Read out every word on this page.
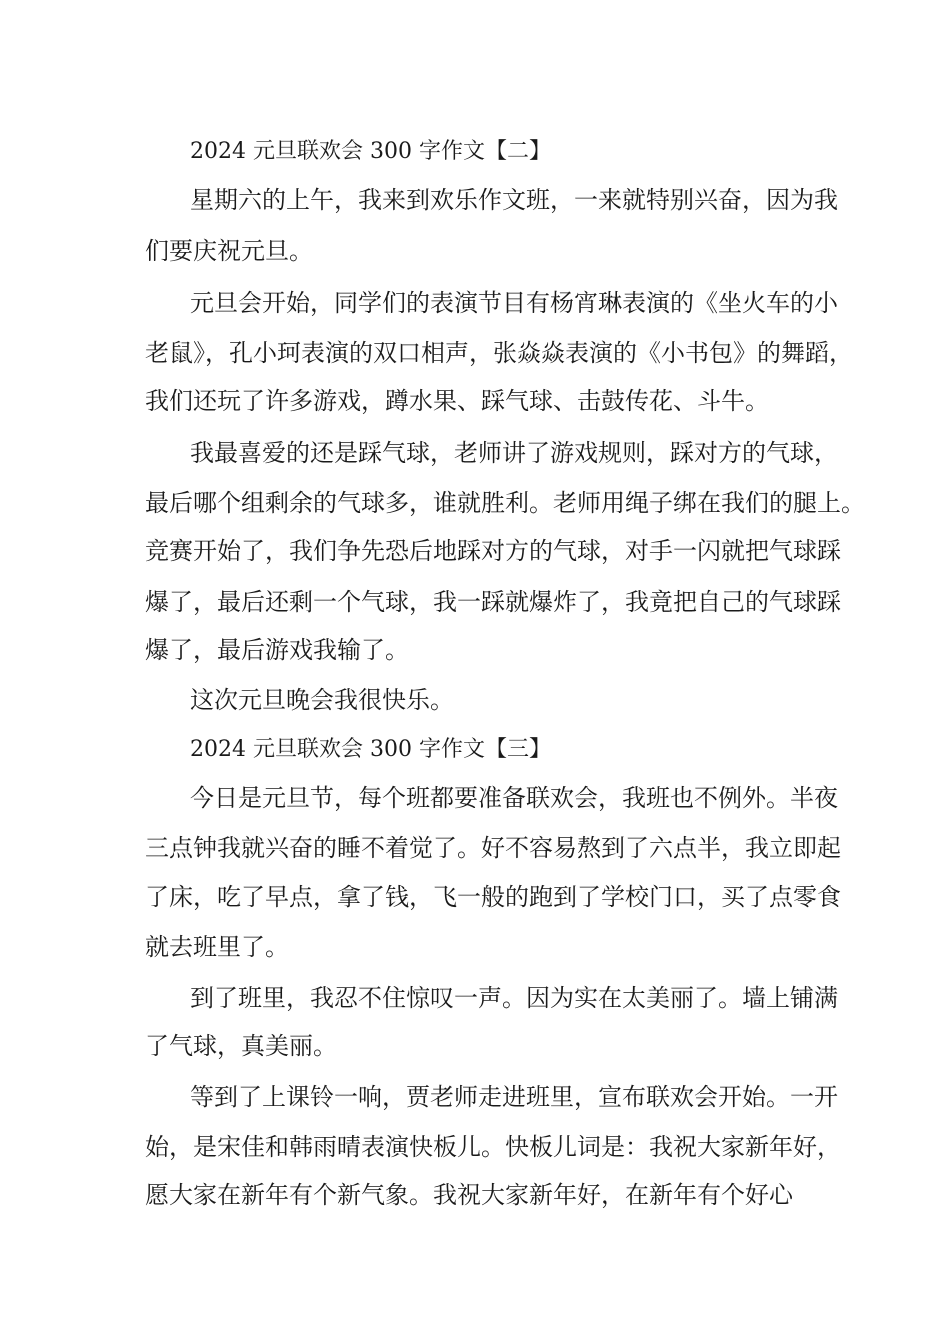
2024 元旦联欢会 300 字作文【二】
星期六的上午，我来到欢乐作文班，一来就特别兴奋，因为我
们要庆祝元旦。
元旦会开始，同学们的表演节目有杨宵琳表演的《坐火车的小
老鼠》，孔小珂表演的双口相声，张焱焱表演的《小书包》的舞蹈，
我们还玩了许多游戏，蹲水果、踩气球、击鼓传花、斗牛。
我最喜爱的还是踩气球，老师讲了游戏规则，踩对方的气球，
最后哪个组剩余的气球多，谁就胜利。老师用绳子绑在我们的腿上。
竞赛开始了，我们争先恐后地踩对方的气球，对手一闪就把气球踩
爆了，最后还剩一个气球，我一踩就爆炸了，我竟把自己的气球踩
爆了，最后游戏我输了。
这次元旦晚会我很快乐。
2024 元旦联欢会 300 字作文【三】
今日是元旦节，每个班都要准备联欢会，我班也不例外。半夜
三点钟我就兴奋的睡不着觉了。好不容易熬到了六点半，我立即起
了床，吃了早点，拿了钱，飞一般的跑到了学校门口，买了点零食
就去班里了。
到了班里，我忍不住惊叹一声。因为实在太美丽了。墙上铺满
了气球，真美丽。
等到了上课铃一响，贾老师走进班里，宣布联欢会开始。一开
始，是宋佳和韩雨晴表演快板儿。快板儿词是：我祝大家新年好，
愿大家在新年有个新气象。我祝大家新年好，在新年有个好心
